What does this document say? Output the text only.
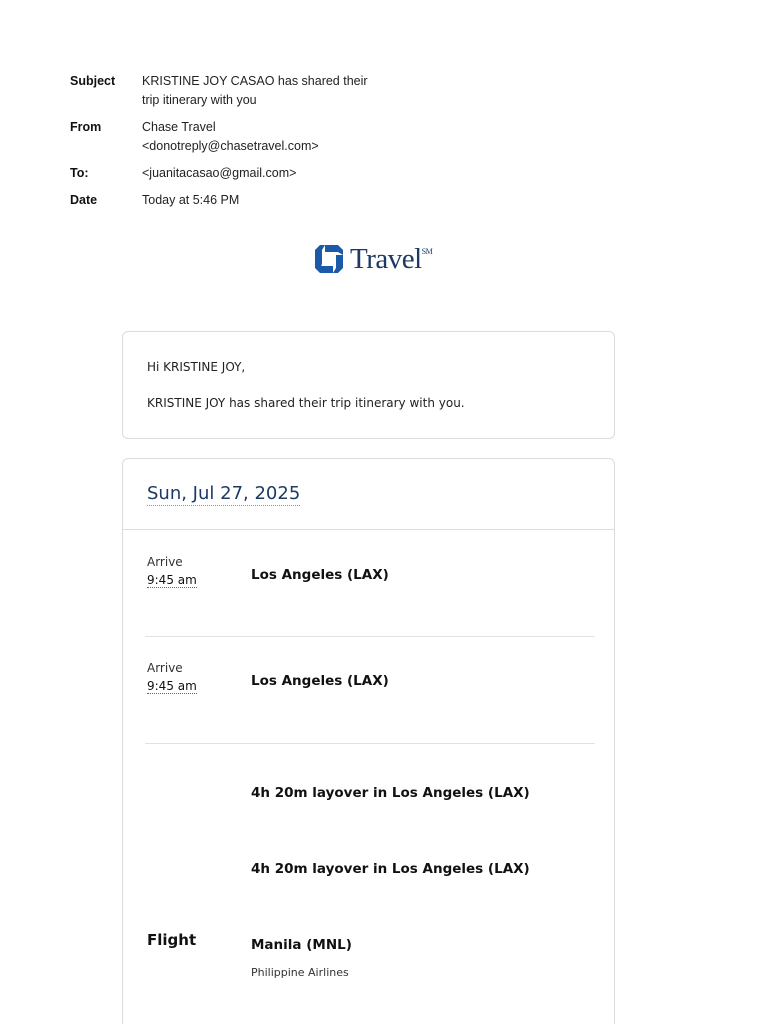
Subject	KRISTINE JOY CASAO has shared their
trip itinerary with you
From	Chase Travel
<donotreply@chasetravel.com>
To:	<juanitacasao@gmail.com>
Date	Today at 5:46 PM
Travel℠
Hi KRISTINE JOY,
KRISTINE JOY has shared their trip itinerary with you.
Sun, Jul 27, 2025
Arrive
9:45 am	Los Angeles (LAX)
Arrive
9:45 am	Los Angeles (LAX)
4h 20m layover in Los Angeles (LAX)
4h 20m layover in Los Angeles (LAX)
Flight	Manila (MNL)
Philippine Airlines
